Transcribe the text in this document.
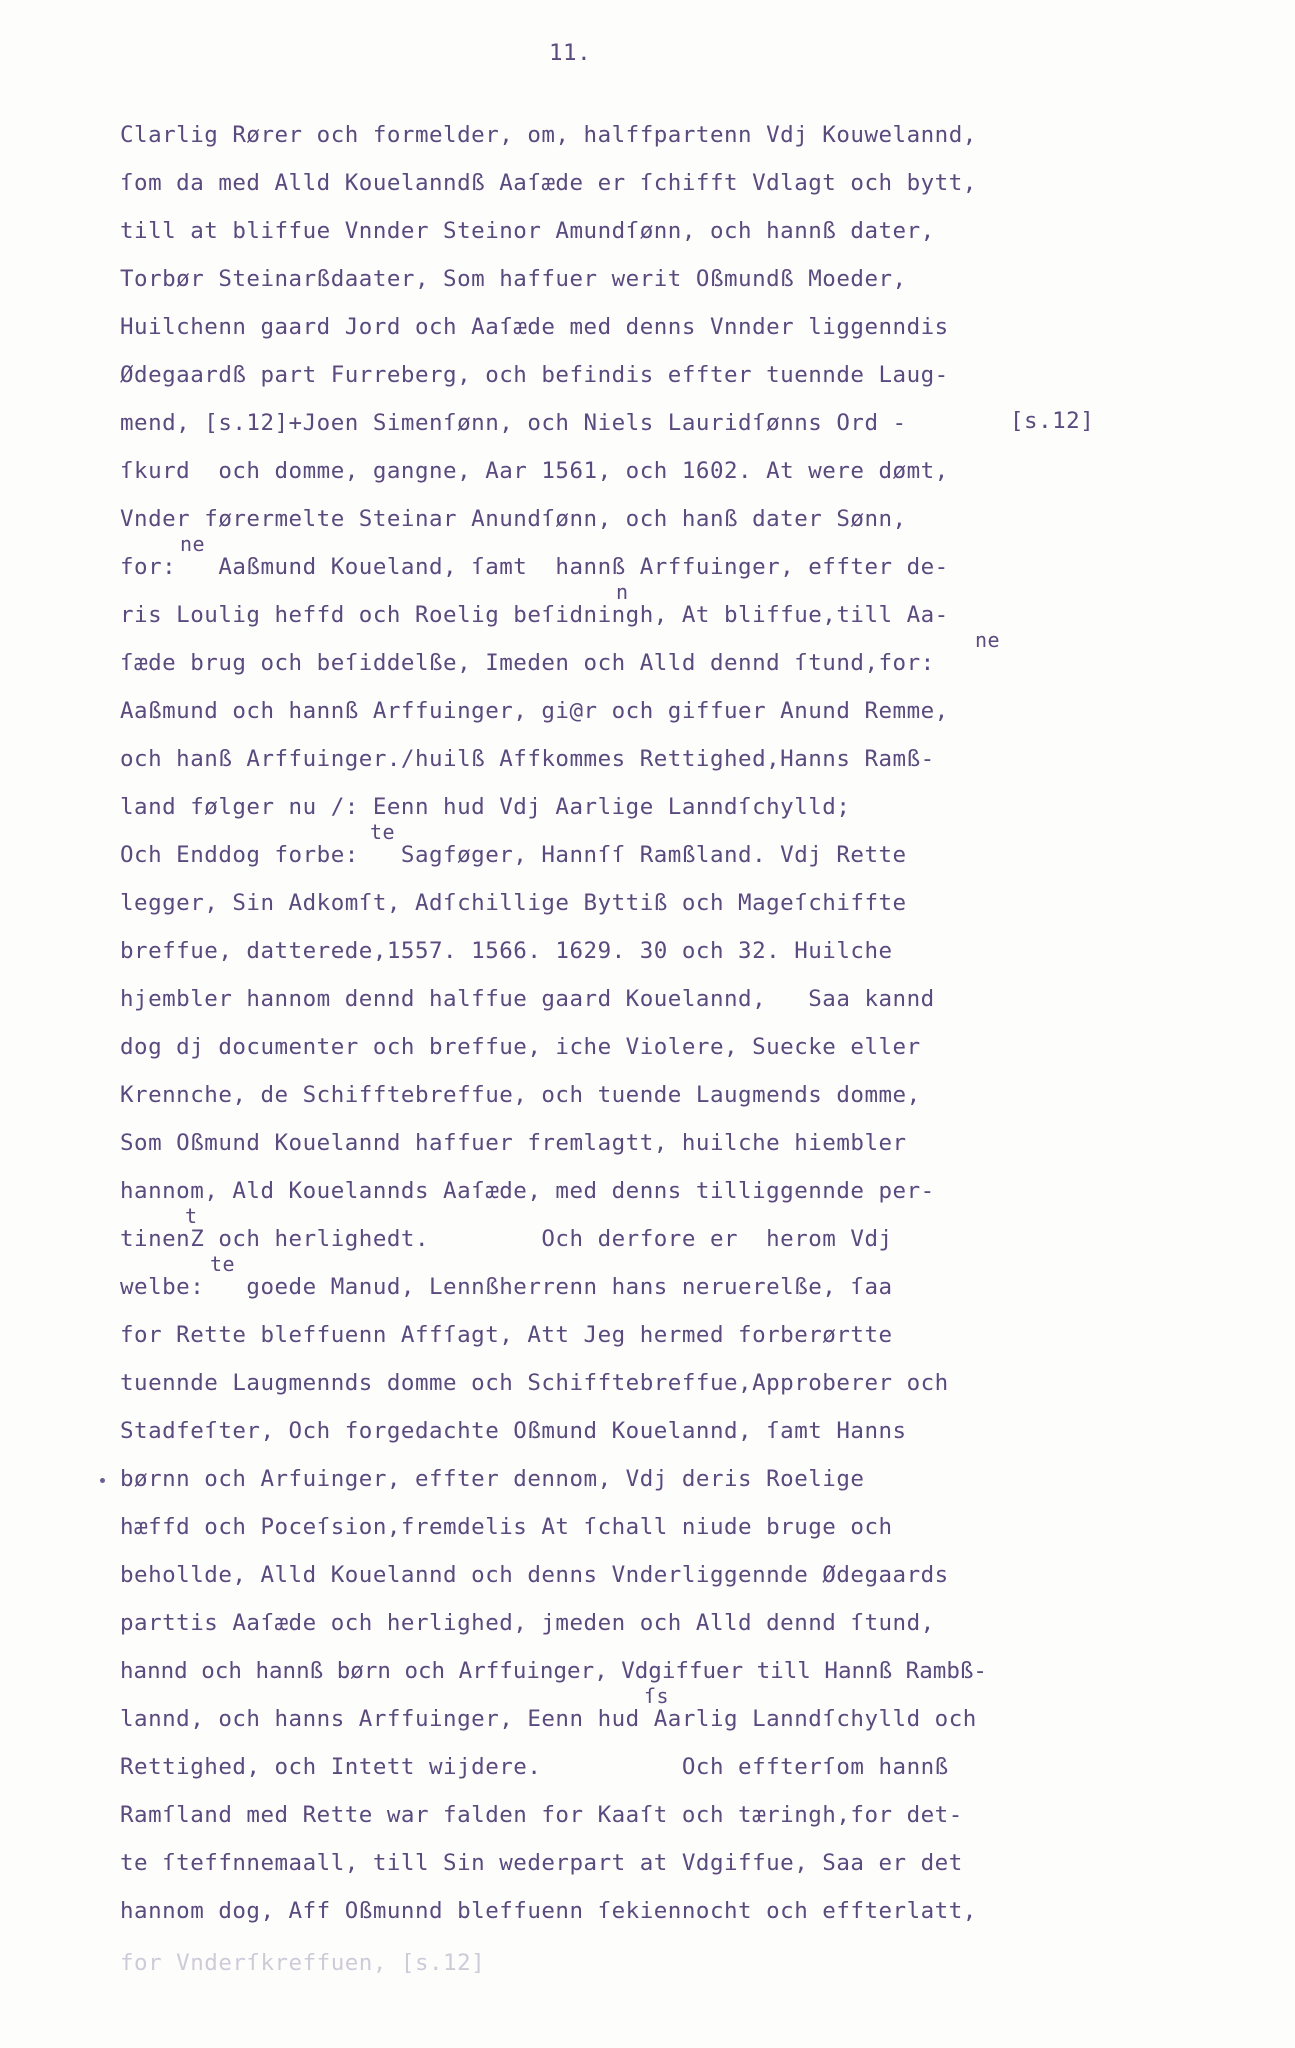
11.
[s.12]
Clarlig Rører och formelder, om, halffpartenn Vdj Kouwelannd,
ſom da med Alld Kouelanndß Aaſæde er ſchifft Vdlagt och bytt,
till at bliffue Vnnder Steinor Amundſønn, och hannß dater,
Torbør Steinarßdaater, Som haffuer werit Oßmundß Moeder,
Huilchenn gaard Jord och Aaſæde med denns Vnnder liggenndis
Ødegaardß part Furreberg, och befindis effter tuennde Laug-
mend, [s.12]+Joen Simenſønn, och Niels Lauridſønns Ord -
ſkurd  och domme, gangne, Aar 1561, och 1602. At were dømt,
Vnder førermelte Steinar Anundſønn, och hanß dater Sønn,
ne
for:   Aaßmund Koueland, ſamt  hannß Arffuinger, effter de-
n
ris Loulig heffd och Roelig beſidningh, At bliffue,till Aa-
ne
ſæde brug och beſiddelße, Imeden och Alld dennd ſtund,for:
Aaßmund och hannß Arffuinger, gi@r och giffuer Anund Remme,
och hanß Arffuinger./huilß Affkommes Rettighed,Hanns Ramß-
land følger nu /: Eenn hud Vdj Aarlige Lanndſchylld;
te
Och Enddog forbe:   Sagføger, Hannſſ Ramßland. Vdj Rette
legger, Sin Adkomſt, Adſchillige Byttiß och Mageſchiffte
breffue, datterede,1557. 1566. 1629. 30 och 32. Huilche
hjembler hannom dennd halffue gaard Kouelannd,   Saa kannd
dog dj documenter och breffue, iche Violere, Suecke eller
Krennche, de Schifftebreffue, och tuende Laugmends domme,
Som Oßmund Kouelannd haffuer fremlagtt, huilche hiembler
hannom, Ald Kouelannds Aaſæde, med denns tilliggennde per-
t
tinenZ och herlighedt.        Och derfore er  herom Vdj
te
welbe:   goede Manud, Lennßherrenn hans neruerelße, ſaa
for Rette bleffuenn Affſagt, Att Jeg hermed forberørtte
tuennde Laugmennds domme och Schifftebreffue,Approberer och
Stadfeſter, Och forgedachte Oßmund Kouelannd, ſamt Hanns
børnn och Arfuinger, effter dennom, Vdj deris Roelige
hæffd och Poceſsion,fremdelis At ſchall niude bruge och
behollde, Alld Kouelannd och denns Vnderliggennde Ødegaards
parttis Aaſæde och herlighed, jmeden och Alld dennd ſtund,
hannd och hannß børn och Arffuinger, Vdgiffuer till Hannß Rambß-
ſs
lannd, och hanns Arffuinger, Eenn hud Aarlig Lanndſchylld och
Rettighed, och Intett wijdere.          Och effterſom hannß
Ramſland med Rette war falden for Kaaſt och tæringh,for det-
te ſteffnnemaall, till Sin wederpart at Vdgiffue, Saa er det
hannom dog, Aff Oßmunnd bleffuenn ſekiennocht och effterlatt,
for Vnderſkreffuen, [s.12]
